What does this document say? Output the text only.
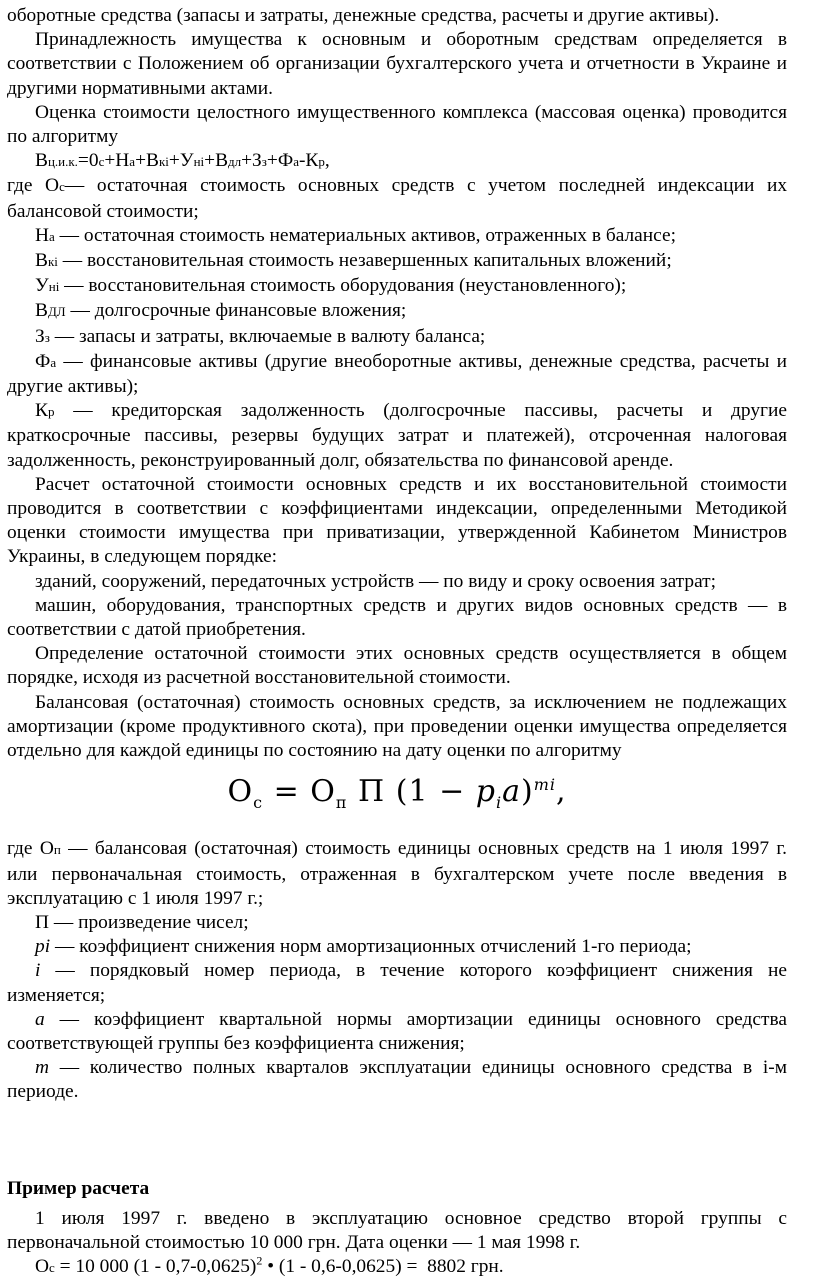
оборотные средства (запасы и затраты, денежные средства, расчеты и другие активы).

Принадлежность имущества к основным и оборотным средствам определяется в соответствии с Положением об организации бухгалтерского учета и отчетности в Украине и другими нормативными актами.

Оценка стоимости целостного имущественного комплекса (массовая оценка) проводится по алгоритму

Вц.и.к.=0с+На+Вкі+Уні+Вдл+Зз+Фа-Кр,

где Ос— остаточная стоимость основных средств с учетом последней индексации их балансовой стоимости;

На — остаточная стоимость нематериальных активов, отраженных в балансе;

Вкі — восстановительная стоимость незавершенных капитальных вложений;

Уні — восстановительная стоимость оборудования (неустановленного);

ВДЛ — долгосрочные финансовые вложения;

Зз — запасы и затраты, включаемые в валюту баланса;

Фа — финансовые активы (другие внеоборотные активы, денежные средства, расчеты и другие активы);

Кр — кредиторская задолженность (долгосрочные пассивы, расчеты и другие краткосрочные пассивы, резервы будущих затрат и платежей), отсроченная налоговая задолженность, реконструированный долг, обязательства по финансовой аренде.

Расчет остаточной стоимости основных средств и их восстановительной стоимости проводится в соответствии с коэффициентами индексации, определенными Методикой оценки стоимости имущества при приватизации, утвержденной Кабинетом Министров Украины, в следующем порядке:

зданий, сооружений, передаточных устройств — по виду и сроку освоения затрат;

машин, оборудования, транспортных средств и других видов основных средств — в соответствии с датой приобретения.

Определение остаточной стоимости этих основных средств осуществляется в общем порядке, исходя из расчетной восстановительной стоимости.

Балансовая (остаточная) стоимость основных средств, за исключением не подлежащих амортизации (кроме продуктивного скота), при проведении оценки имущества определяется отдельно для каждой единицы по состоянию на дату оценки по алгоритму

$О_с = О_п$ П $(1 - p_ia)^{mi}$,

где Оп — балансовая (остаточная) стоимость единицы основных средств на 1 июля 1997 г. или первоначальная стоимость, отраженная в бухгалтерском учете после введения в эксплуатацию с 1 июля 1997 г.;

П — произведение чисел;

pi — коэффициент снижения норм амортизационных отчислений 1-го периода;

i — порядковый номер периода, в течение которого коэффициент снижения не изменяется;

a — коэффициент квартальной нормы амортизации единицы основного средства соответствующей группы без коэффициента снижения;

т — количество полных кварталов эксплуатации единицы основного средства в i-м периоде.

Пример расчета

1 июля 1997 г. введено в эксплуатацию основное средство второй группы с первоначальной стоимостью 10 000 грн. Дата оценки — 1 мая 1998 г.

Ос = 10 000 (1 - 0,7-0,0625)$^2$ • (1 - 0,6-0,0625) =  8802 грн.
